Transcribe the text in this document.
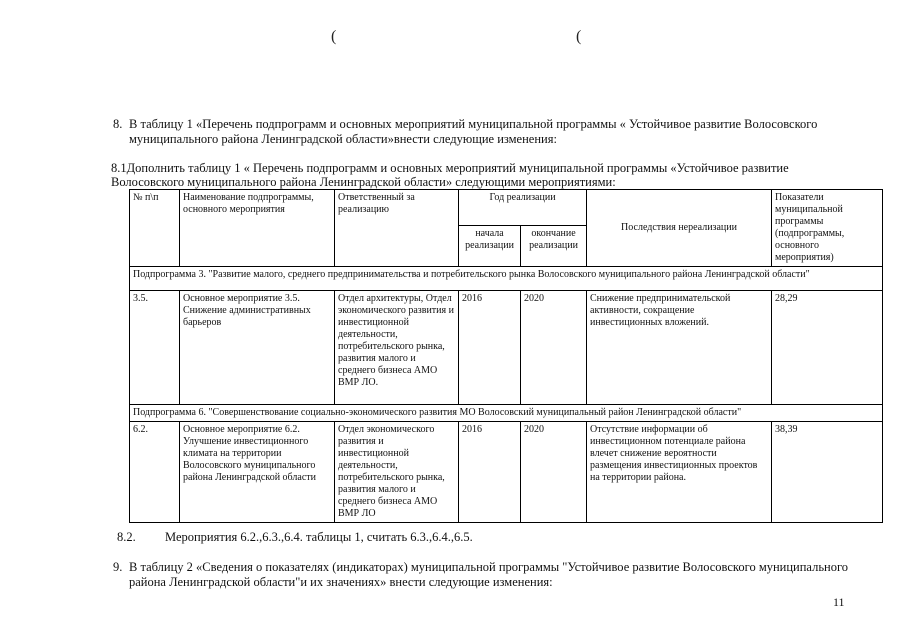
(	(
8. В таблицу 1 «Перечень подпрограмм и основных мероприятий муниципальной программы « Устойчивое развитие Волосовского
муниципального района Ленинградской области»внести следующие изменения:
8.1Дополнить таблицу 1 « Перечень подпрограмм и основных мероприятий муниципальной программы «Устойчивое развитие
Волосовского муниципального района Ленинградской области» следующими мероприятиями:
№ п\п	Наименование подпрограммы, основного мероприятия	Ответственный за реализацию	Год реализации		Последствия нереализации	Показатели муниципальной программы (подпрограммы, основного мероприятия)
			начала реализации	окончание реализации		
Подпрограмма 3. "Развитие малого, среднего предпринимательства и потребительского рынка Волосовского муниципального района Ленинградской области"						
3.5.	Основное мероприятие 3.5. Снижение административных барьеров	Отдел архитектуры, Отдел экономического развития и инвестиционной деятельности, потребительского рынка, развития малого и среднего бизнеса АМО ВМР ЛО.	2016	2020	Снижение предпринимательской активности, сокращение инвестиционных вложений.	28,29
Подпрограмма 6. "Совершенствование социально-экономического развития МО Волосовский муниципальный район Ленинградской области"						
6.2.	Основное мероприятие 6.2. Улучшение инвестиционного климата на территории Волосовского муниципального района Ленинградской области	Отдел экономического развития и инвестиционной деятельности, потребительского рынка, развития малого и среднего бизнеса АМО ВМР ЛО	2016	2020	Отсутствие информации об инвестиционном потенциале района влечет снижение вероятности размещения инвестиционных проектов на территории района.	38,39
8.2. Мероприятия 6.2.,6.3.,6.4. таблицы 1, считать 6.3.,6.4.,6.5.
9. В таблицу 2 «Сведения о показателях (индикаторах) муниципальной программы "Устойчивое развитие Волосовского муниципального
района Ленинградской области"и их значениях» внести следующие изменения:
11
